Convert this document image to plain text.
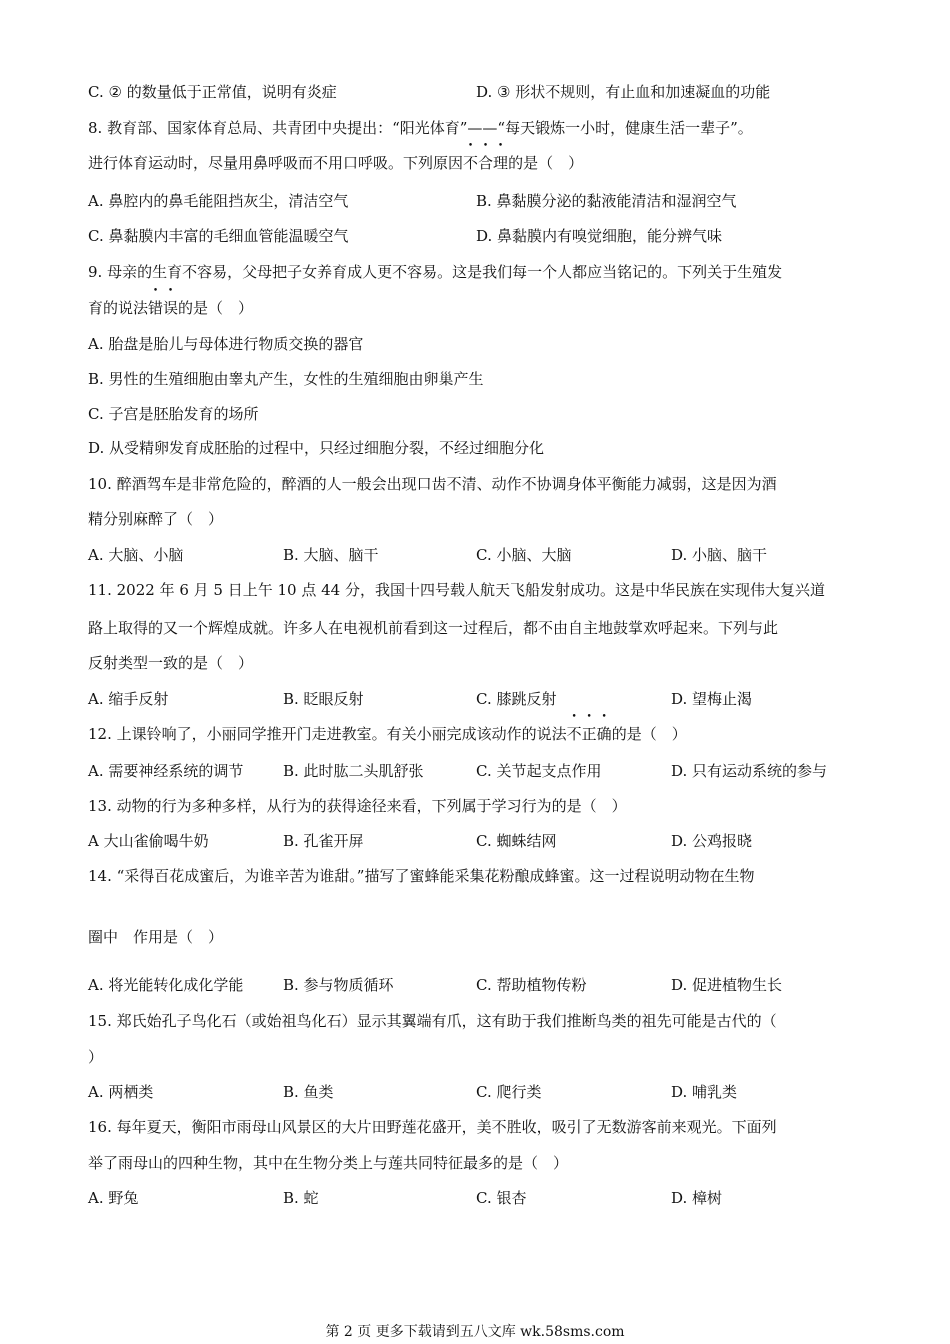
C. ② 的数量低于正常值，说明有炎症	D. ③ 形状不规则，有止血和加速凝血的功能
8. 教育部、国家体育总局、共青团中央提出：“阳光体育”——“每天锻炼一小时，健康生活一辈子”。
进行体育运动时，尽量用鼻呼吸而不用口呼吸。下列原因不合理的是（　）
A. 鼻腔内的鼻毛能阻挡灰尘，清洁空气	B. 鼻黏膜分泌的黏液能清洁和湿润空气
C. 鼻黏膜内丰富的毛细血管能温暖空气	D. 鼻黏膜内有嗅觉细胞，能分辨气味
9. 母亲的生育不容易，父母把子女养育成人更不容易。这是我们每一个人都应当铭记的。下列关于生殖发
育的说法错误的是（　）
A. 胎盘是胎儿与母体进行物质交换的器官
B. 男性的生殖细胞由睾丸产生，女性的生殖细胞由卵巢产生
C. 子宫是胚胎发育的场所
D. 从受精卵发育成胚胎的过程中，只经过细胞分裂，不经过细胞分化
10. 醉酒驾车是非常危险的，醉酒的人一般会出现口齿不清、动作不协调身体平衡能力减弱，这是因为酒
精分别麻醉了（　）
A. 大脑、小脑	B. 大脑、脑干	C. 小脑、大脑	D. 小脑、脑干
11. 2022 年 6 月 5 日上午 10 点 44 分，我国十四号载人航天飞船发射成功。这是中华民族在实现伟大复兴道
路上取得的又一个辉煌成就。许多人在电视机前看到这一过程后，都不由自主地鼓掌欢呼起来。下列与此
反射类型一致的是（　）
A. 缩手反射	B. 眨眼反射	C. 膝跳反射	D. 望梅止渴
12. 上课铃响了，小丽同学推开门走进教室。有关小丽完成该动作的说法不正确的是（　）
A. 需要神经系统的调节	B. 此时肱二头肌舒张	C. 关节起支点作用	D. 只有运动系统的参与
13. 动物的行为多种多样，从行为的获得途径来看，下列属于学习行为的是（　）
A 大山雀偷喝牛奶	B. 孔雀开屏	C. 蜘蛛结网	D. 公鸡报晓
14. “采得百花成蜜后，为谁辛苦为谁甜。”描写了蜜蜂能采集花粉酿成蜂蜜。这一过程说明动物在生物
圈中　作用是（　）
A. 将光能转化成化学能	B. 参与物质循环	C. 帮助植物传粉	D. 促进植物生长
15. 郑氏始孔子鸟化石（或始祖鸟化石）显示其翼端有爪，这有助于我们推断鸟类的祖先可能是古代的（
）
A. 两栖类	B. 鱼类	C. 爬行类	D. 哺乳类
16. 每年夏天，衡阳市雨母山风景区的大片田野莲花盛开，美不胜收，吸引了无数游客前来观光。下面列
举了雨母山的四种生物，其中在生物分类上与莲共同特征最多的是（　）
A. 野兔	B. 蛇	C. 银杏	D. 樟树
第 2 页 更多下载请到五八文库 wk.58sms.com
